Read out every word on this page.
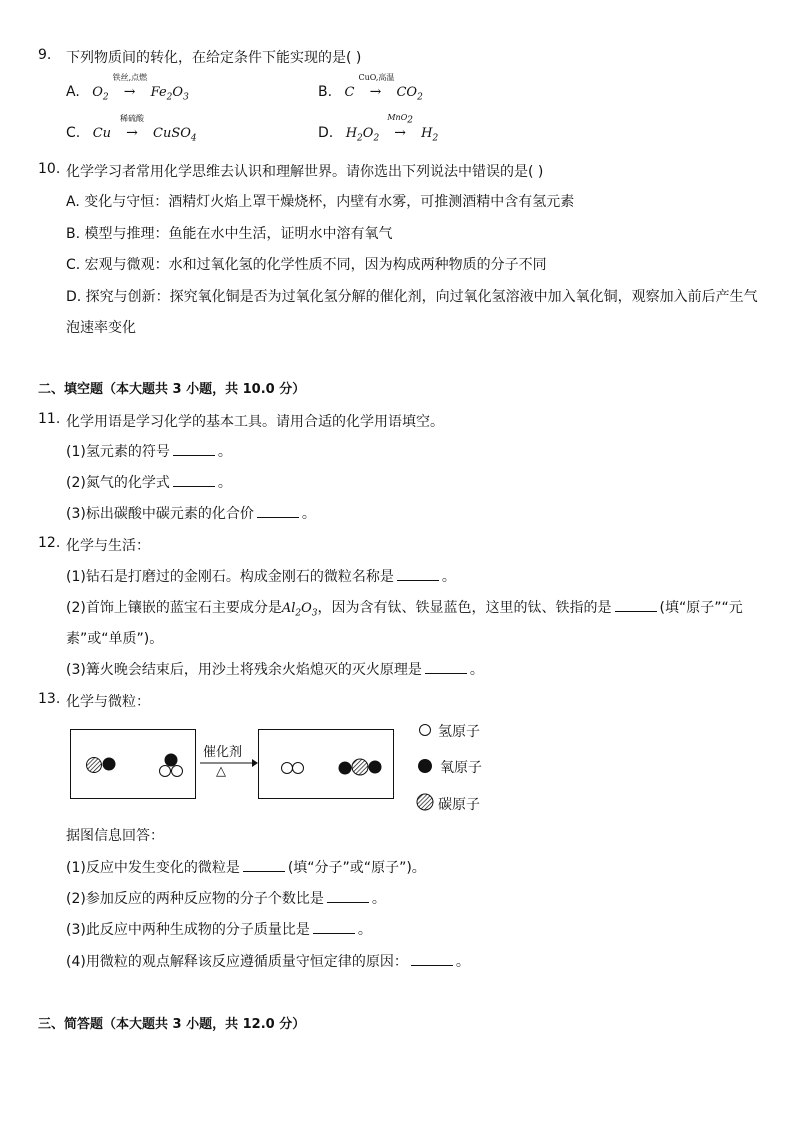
9. 下列物质间的转化，在给定条件下能实现的是( )
A. $O_2$
铁丝,点燃
→ $Fe_2O_3$	B. C
CuO,高温
→ $CO_2$
C. Cu
稀硫酸
→ CuSO$_4$	D. $H_2O_2$
MnO$_2$
→ $H_2$
10. 化学学习者常用化学思维去认识和理解世界。请你选出下列说法中错误的是( )
A. 变化与守恒：酒精灯火焰上罩干燥烧杯，内壁有水雾，可推测酒精中含有氢元素
B. 模型与推理：鱼能在水中生活，证明水中溶有氧气
C. 宏观与微观：水和过氧化氢的化学性质不同，因为构成两种物质的分子不同
D. 探究与创新：探究氧化铜是否为过氧化氢分解的催化剂，向过氧化氢溶液中加入氧化铜，观察加入前后产生气
泡速率变化
二、填空题（本大题共 3 小题，共 10.0 分）
11. 化学用语是学习化学的基本工具。请用合适的化学用语填空。
(1)氢元素的符号	。
(2)氮气的化学式	。
(3)标出碳酸中碳元素的化合价	。
12. 化学与生活：
(1)钻石是打磨过的金刚石。构成金刚石的微粒名称是	。
(2)首饰上镶嵌的蓝宝石主要成分是$Al_2O_3$，因为含有钛、铁显蓝色，这里的钛、铁指的是	(填“原子”“元
素”或“单质”)。
(3)篝火晚会结束后，用沙土将残余火焰熄灭的灭火原理是	。
13. 化学与微粒：
催化剂
△
氢原子
氧原子
碳原子
据图信息回答：
(1)反应中发生变化的微粒是	(填“分子”或“原子”)。
(2)参加反应的两种反应物的分子个数比是	。
(3)此反应中两种生成物的分子质量比是	。
(4)用微粒的观点解释该反应遵循质量守恒定律的原因：	。
三、简答题（本大题共 3 小题，共 12.0 分）
